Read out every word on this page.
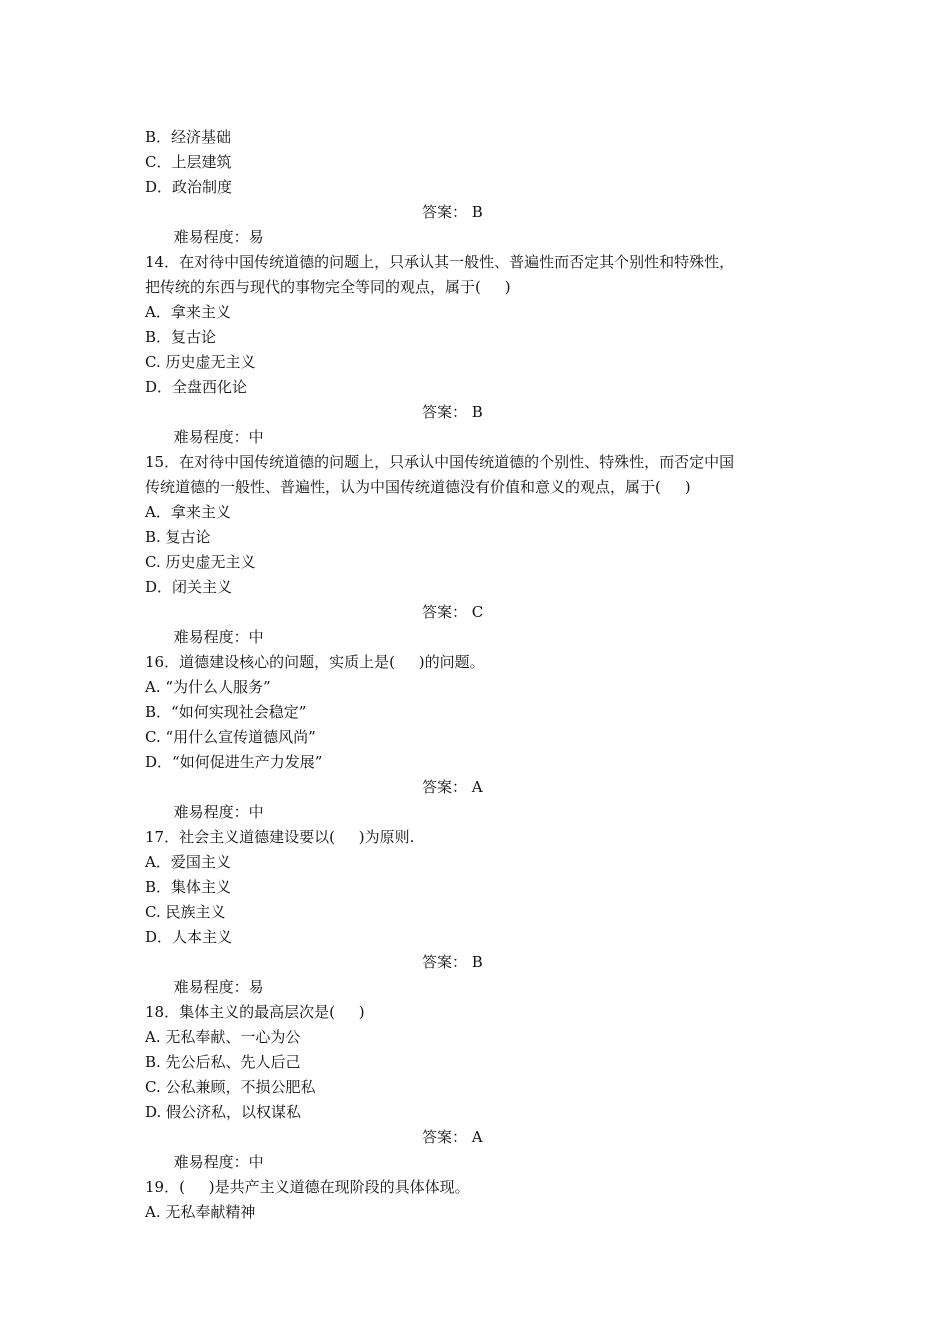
B．经济基础
C．上层建筑
D．政治制度

难易程度：易

答案： B

14．在对待中国传统道德的问题上，只承认其一般性、普遍性而否定其个别性和特殊性，
把传统的东西与现代的事物完全等同的观点，属于(     )
A．拿来主义
B．复古论
C. 历史虚无主义
D．全盘西化论

难易程度：中

答案： B

15．在对待中国传统道德的问题上，只承认中国传统道德的个别性、特殊性，而否定中国
传统道德的一般性、普遍性，认为中国传统道德没有价值和意义的观点，属于(     )
A．拿来主义
B. 复古论
C. 历史虚无主义
D．闭关主义

难易程度：中

答案： C

16．道德建设核心的问题，实质上是(     )的问题。
A. “为什么人服务”
B．“如何实现社会稳定”
C. “用什么宣传道德风尚”
D．“如何促进生产力发展”

难易程度：中

答案： A

17．社会主义道德建设要以(     )为原则.
A．爱国主义
B．集体主义
C. 民族主义
D．人本主义

难易程度：易

答案： B

18．集体主义的最高层次是(     )
A. 无私奉献、一心为公
B. 先公后私、先人后己
C. 公私兼顾，不损公肥私
D. 假公济私，以权谋私

难易程度：中

答案： A

19．(     )是共产主义道德在现阶段的具体体现。
A. 无私奉献精神
